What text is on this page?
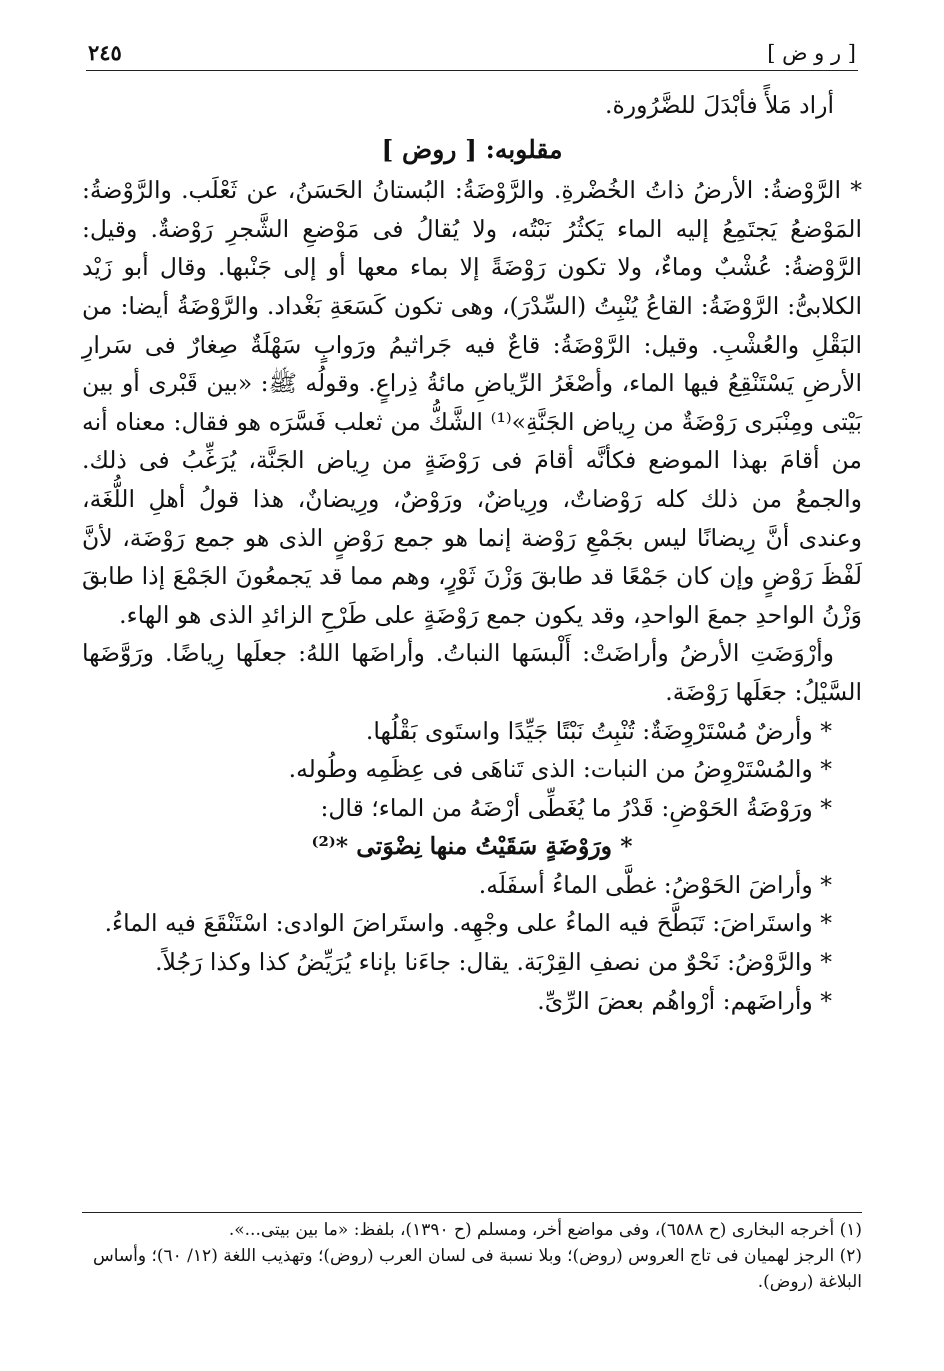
[ ر و ض ]
٢٤٥

أراد مَلأً فأبْدَلَ للضَّرُورة.

مقلوبه: [ روض ]

* الرَّوْضةُ: الأرضُ ذاتُ الخُضْرةِ. والرَّوْضَةُ: البُستانُ الحَسَنُ، عن ثَعْلَب. والرَّوْضةُ: المَوْضعُ يَجتَمِعُ إليه الماء يَكثُرُ نَبْتُه، ولا يُقالُ فى مَوْضعِ الشَّجرِ رَوْضةٌ. وقيل: الرَّوْضةُ: عُشْبٌ وماءٌ، ولا تكون رَوْضَةً إلا بماء معها أو إلى جَنْبها. وقال أبو زَيْد الكلابىُّ: الرَّوْضَةُ: القاعُ يُنْبِتُ (السِّدْرَ)، وهى تكون كَسَعَةِ بَغْداد. والرَّوْضَةُ أيضا: من البَقْلِ والعُشْبِ. وقيل: الرَّوْضَةُ: قاعٌ فيه جَراثيمُ ورَوابٍ سَهْلَةٌ صِغارٌ فى سَرارِ الأرضِ يَسْتَنْقِعُ فيها الماء، وأصْغَرُ الرِّياضِ مائةُ ذِراعٍ. وقولُه ﷺ: «بين قَبْرى أو بين بَيْتى ومِنْبَرى رَوْضَةٌ من رِياض الجَنَّةِ»⁽¹⁾ الشَّكُّ من ثعلب فَسَّرَه هو فقال: معناه أنه من أقامَ بهذا الموضع فكأنَّه أقامَ فى رَوْضَةٍ من رِياض الجَنَّة، يُرَغِّبُ فى ذلك. والجمعُ من ذلك كله رَوْضاتٌ، ورِياضٌ، ورَوْضٌ، ورِيضانٌ، هذا قولُ أهلِ اللُّغَة، وعندى أنَّ رِيضانًا ليس بجَمْعِ رَوْضة إنما هو جمع رَوْضٍ الذى هو جمع رَوْضَة، لأنَّ لَفْظَ رَوْضٍ وإن كان جَمْعًا قد طابقَ وَزْنَ ثَوْرٍ، وهم مما قد يَجمعُونَ الجَمْعَ إذا طابقَ وَزْنُ الواحدِ جمعَ الواحدِ، وقد يكون جمع رَوْضَةٍ على طَرْحِ الزائدِ الذى هو الهاء.

وأرْوَضَتِ الأرضُ وأراضَتْ: أَلْبسَها النباتُ. وأراضَها اللهُ: جعلَها رِياضًا. ورَوَّضَها السَّيْلُ: جعَلَها رَوْضَة.

* وأرضٌ مُسْتَرْوِضَةٌ: تُنْبِتُ نَبْتًا جَيِّدًا واستَوى بَقْلُها.

* والمُسْتَرْوِضُ من النبات: الذى تَناهَى فى عِظَمِه وطُوله.

* ورَوْضَةُ الحَوْضِ: قَدْرُ ما يُغَطِّى أرْضَهُ من الماء؛ قال:

* ورَوْضَةٍ سَقَيْتُ منها نِضْوَتى *⁽²⁾

* وأراضَ الحَوْضُ: غطَّى الماءُ أسفَلَه.

* واستَراضَ: تَبَطَّحَ فيه الماءُ على وجْهِه. واستَراضَ الوادى: اسْتَنْقَعَ فيه الماءُ.

* والرَّوْضُ: نَحْوٌ من نصفِ القِرْبَة. يقال: جاءَنا بإناء يُرَيِّضُ كذا وكذا رَجُلاً.

* وأراضَهم: أرْواهُم بعضَ الرِّىِّ.

(١) أخرجه البخارى (ح ٦٥٨٨)، وفى مواضع أخر، ومسلم (ح ١٣٩٠)، بلفظ: «ما بين بيتى...».

(٢) الرجز لهميان فى تاج العروس (روض)؛ وبلا نسبة فى لسان العرب (روض)؛ وتهذيب اللغة (١٢/ ٦٠)؛ وأساس البلاغة (روض).
